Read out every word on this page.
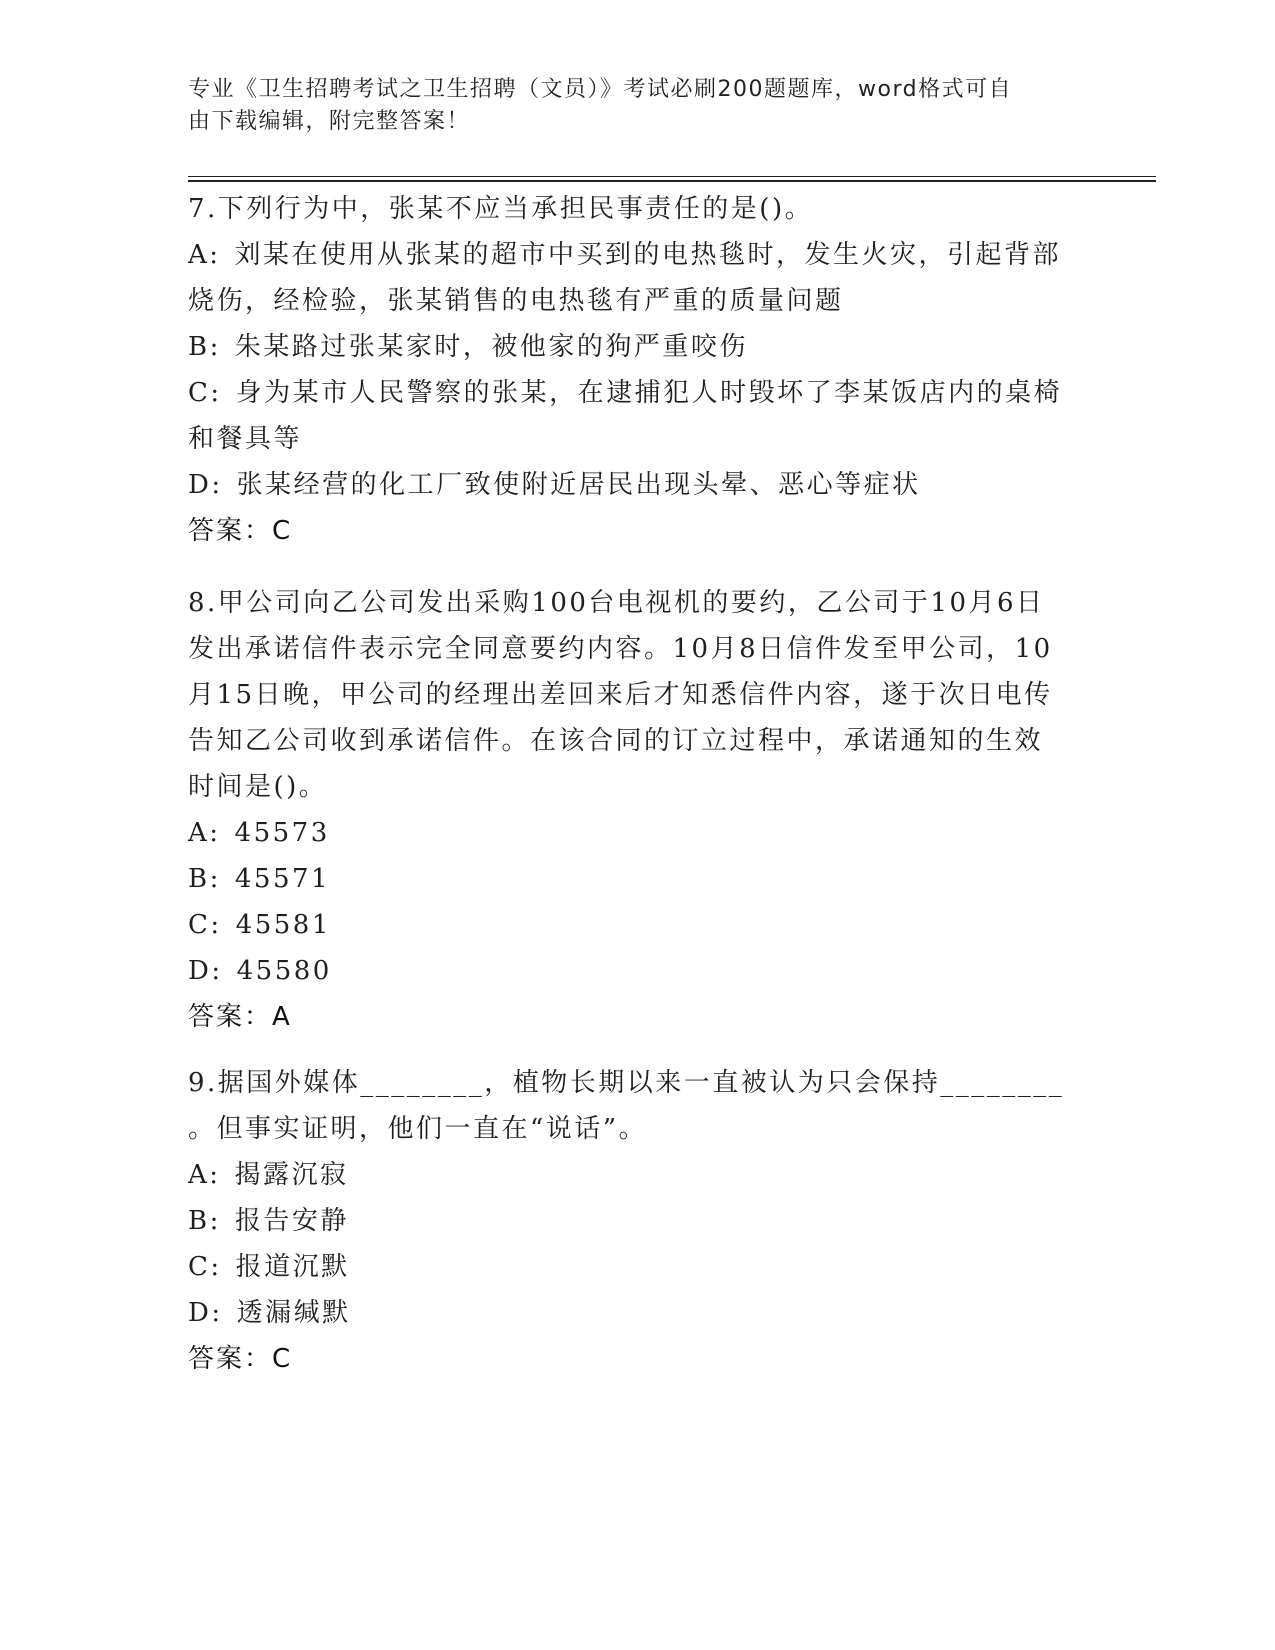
专业《卫生招聘考试之卫生招聘（文员）》考试必刷200题题库，word格式可自
由下载编辑，附完整答案！
7.下列行为中，张某不应当承担民事责任的是()。
A: 刘某在使用从张某的超市中买到的电热毯时，发生火灾，引起背部
烧伤，经检验，张某销售的电热毯有严重的质量问题
B: 朱某路过张某家时，被他家的狗严重咬伤
C: 身为某市人民警察的张某，在逮捕犯人时毁坏了李某饭店内的桌椅
和餐具等
D: 张某经营的化工厂致使附近居民出现头晕、恶心等症状
答案：C
8.甲公司向乙公司发出采购100台电视机的要约，乙公司于10月6日
发出承诺信件表示完全同意要约内容。10月8日信件发至甲公司，10
月15日晚，甲公司的经理出差回来后才知悉信件内容，遂于次日电传
告知乙公司收到承诺信件。在该合同的订立过程中，承诺通知的生效
时间是()。
A: 45573
B: 45571
C: 45581
D: 45580
答案：A
9.据国外媒体________，植物长期以来一直被认为只会保持________
。但事实证明，他们一直在“说话”。
A: 揭露沉寂
B: 报告安静
C: 报道沉默
D: 透漏缄默
答案：C
